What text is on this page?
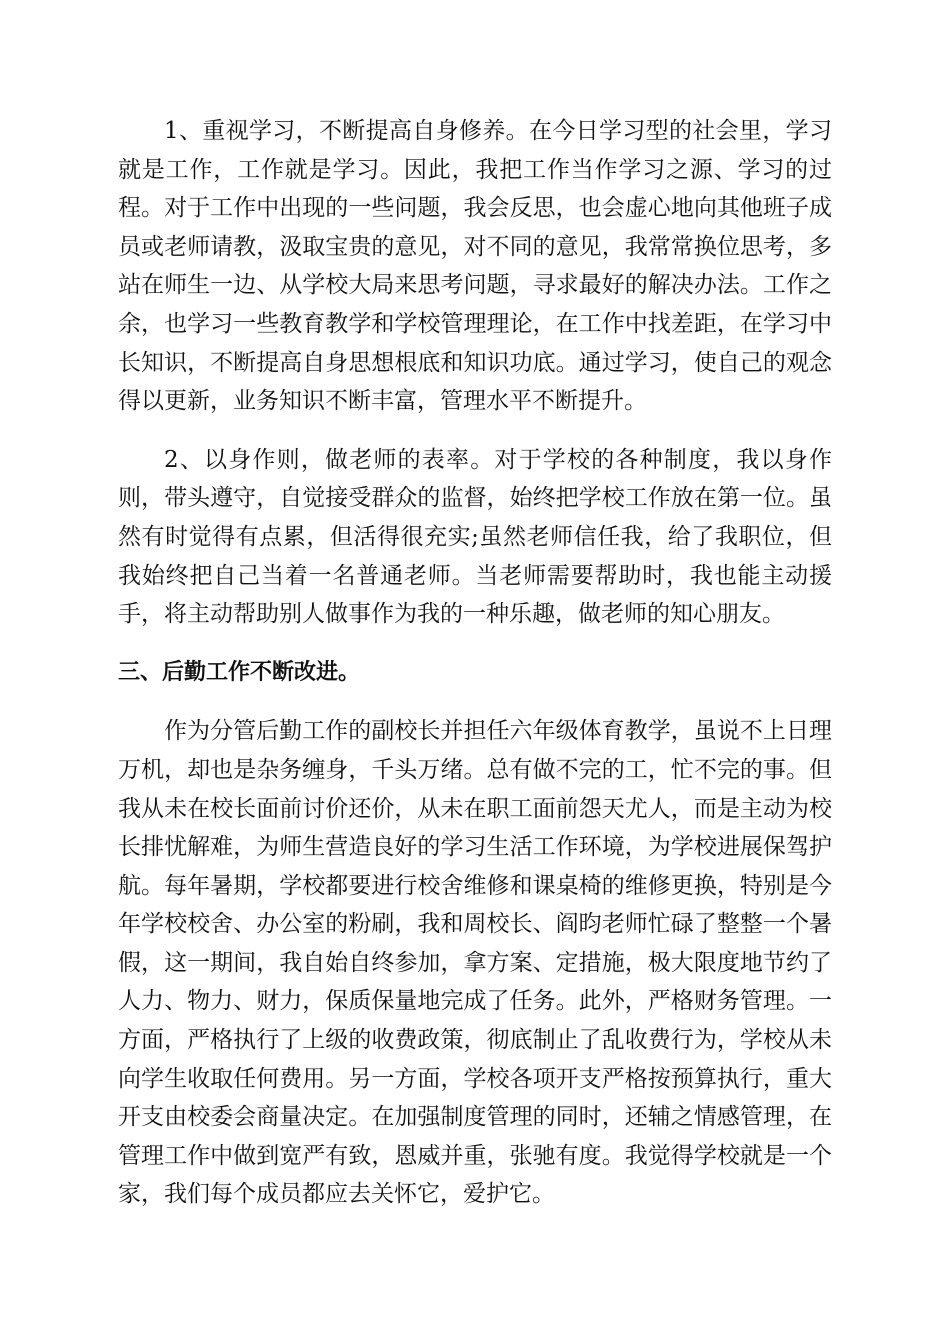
1、重视学习，不断提高自身修养。在今日学习型的社会里，学习就是工作，工作就是学习。因此，我把工作当作学习之源、学习的过程。对于工作中出现的一些问题，我会反思，也会虚心地向其他班子成员或老师请教，汲取宝贵的意见，对不同的意见，我常常换位思考，多站在师生一边、从学校大局来思考问题，寻求最好的解决办法。工作之余，也学习一些教育教学和学校管理理论，在工作中找差距，在学习中长知识，不断提高自身思想根底和知识功底。通过学习，使自己的观念得以更新，业务知识不断丰富，管理水平不断提升。

2、以身作则，做老师的表率。对于学校的各种制度，我以身作则，带头遵守，自觉接受群众的监督，始终把学校工作放在第一位。虽然有时觉得有点累，但活得很充实;虽然老师信任我，给了我职位，但我始终把自己当着一名普通老师。当老师需要帮助时，我也能主动援手，将主动帮助别人做事作为我的一种乐趣，做老师的知心朋友。

三、后勤工作不断改进。

作为分管后勤工作的副校长并担任六年级体育教学，虽说不上日理万机，却也是杂务缠身，千头万绪。总有做不完的工，忙不完的事。但我从未在校长面前讨价还价，从未在职工面前怨天尤人，而是主动为校长排忧解难，为师生营造良好的学习生活工作环境，为学校进展保驾护航。每年暑期，学校都要进行校舍维修和课桌椅的维修更换，特别是今年学校校舍、办公室的粉刷，我和周校长、阎昀老师忙碌了整整一个暑假，这一期间，我自始自终参加，拿方案、定措施，极大限度地节约了人力、物力、财力，保质保量地完成了任务。此外，严格财务管理。一方面，严格执行了上级的收费政策，彻底制止了乱收费行为，学校从未向学生收取任何费用。另一方面，学校各项开支严格按预算执行，重大开支由校委会商量决定。在加强制度管理的同时，还辅之情感管理，在管理工作中做到宽严有致，恩威并重，张驰有度。我觉得学校就是一个家，我们每个成员都应去关怀它，爱护它。
